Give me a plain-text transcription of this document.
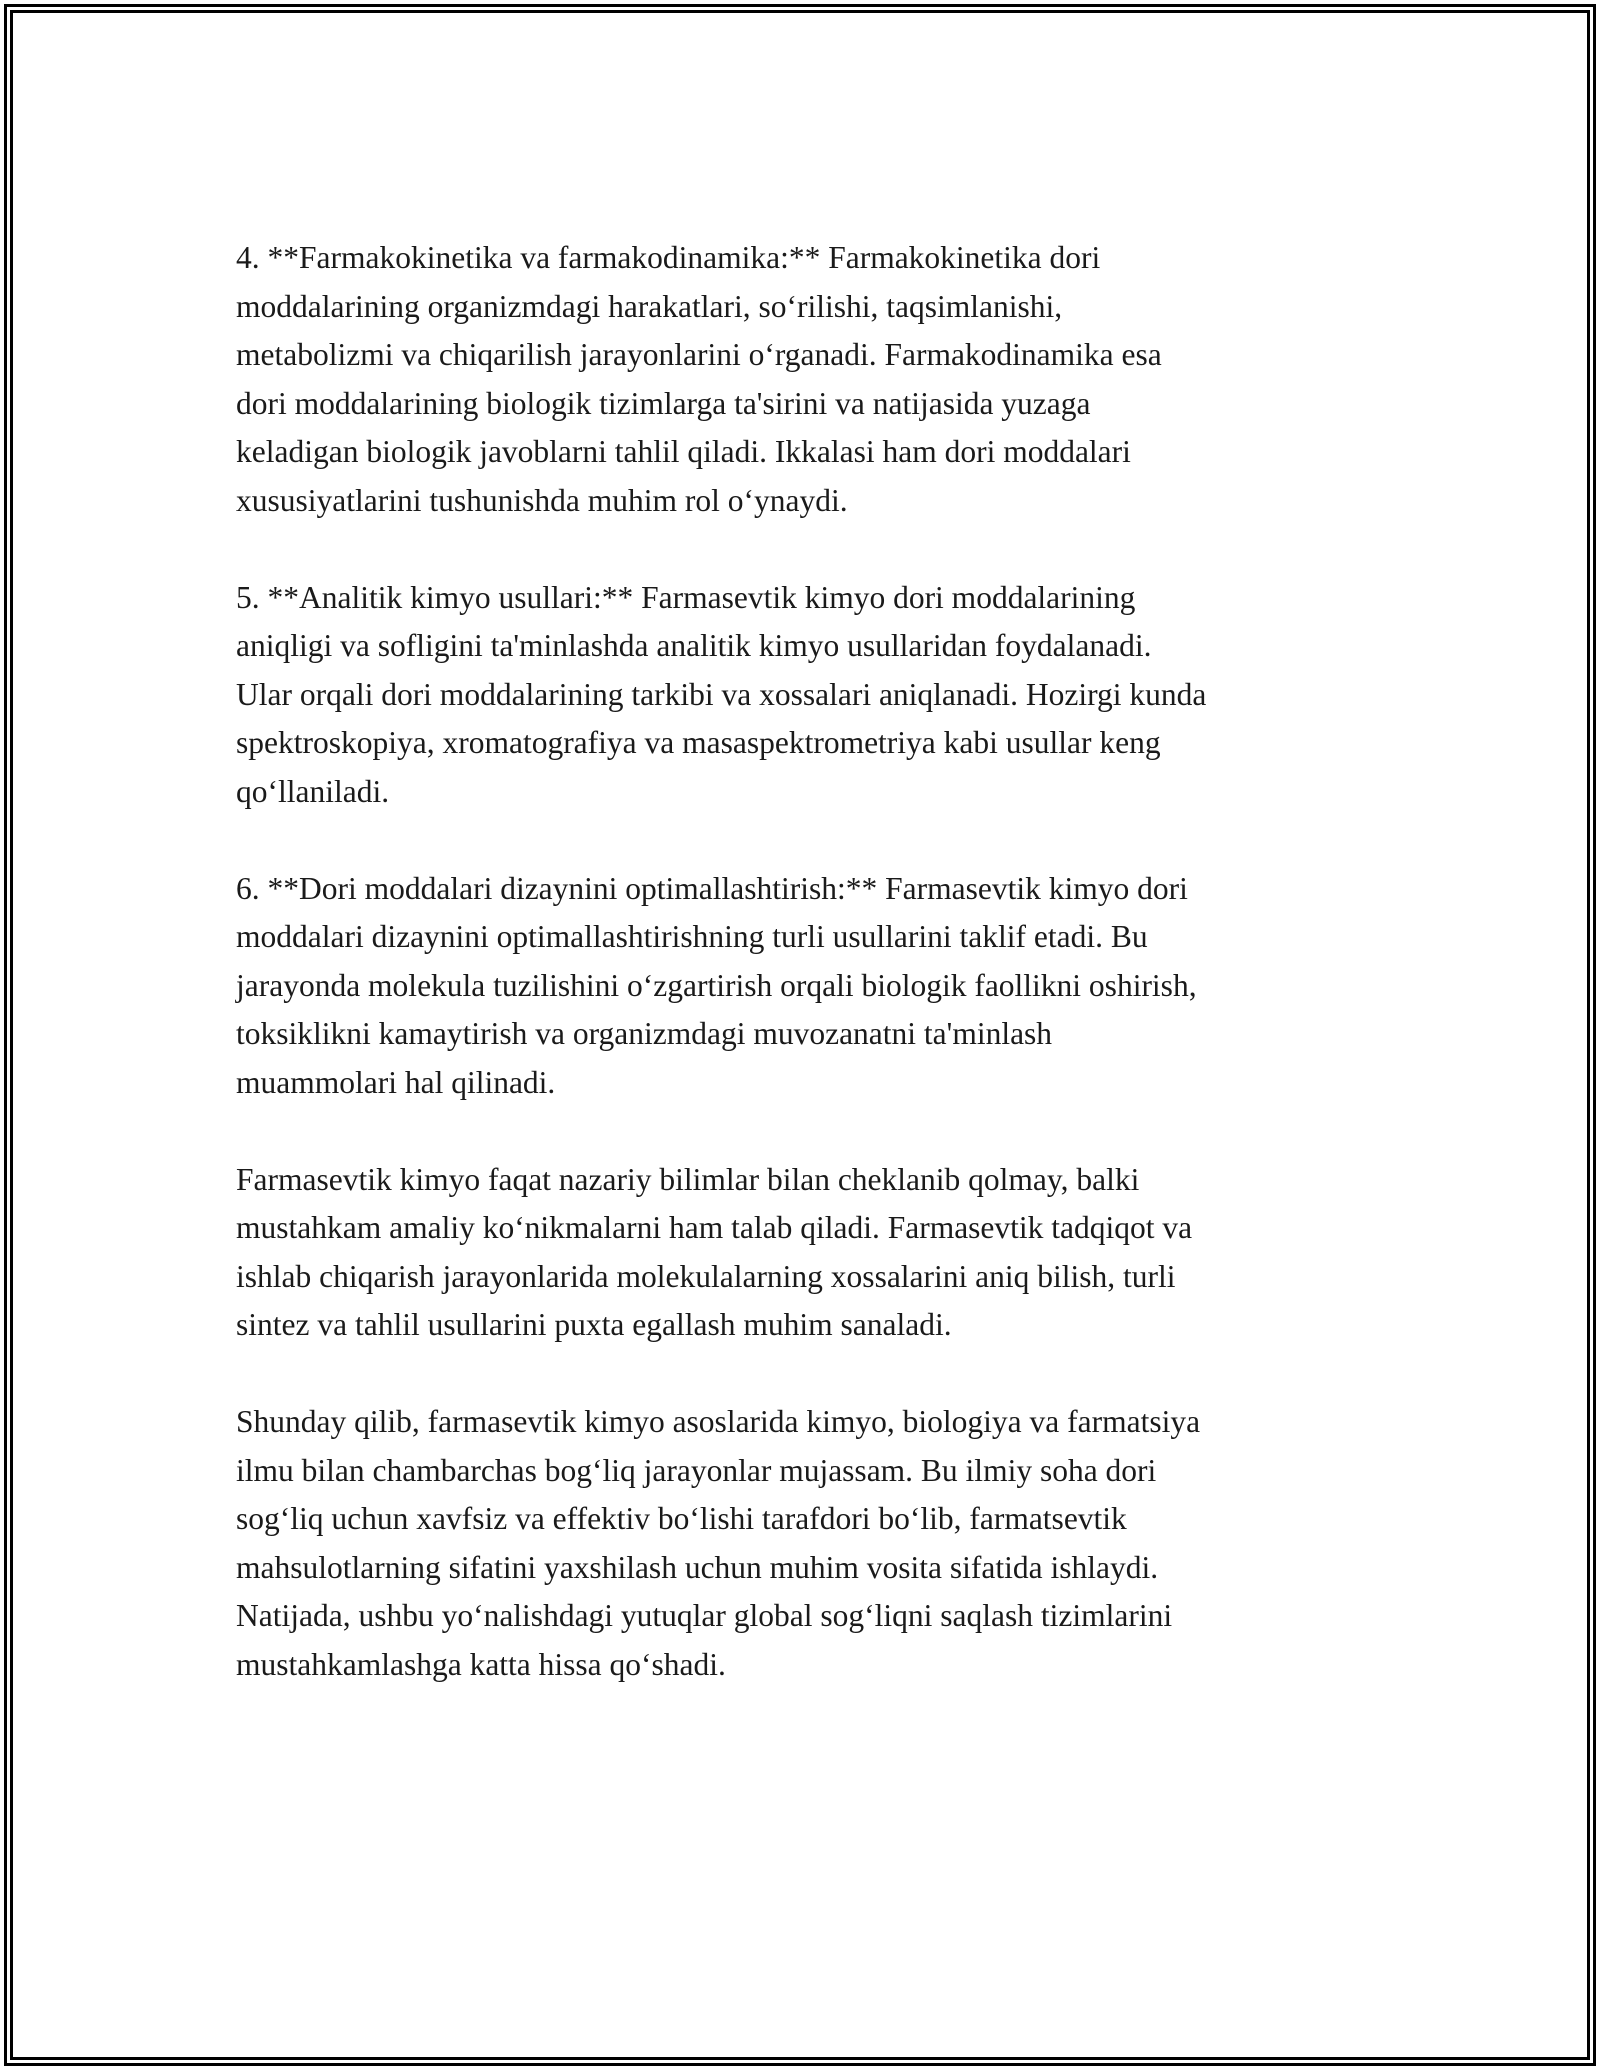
4. **Farmakokinetika va farmakodinamika:** Farmakokinetika dori
moddalarining organizmdagi harakatlari, so‘rilishi, taqsimlanishi,
metabolizmi va chiqarilish jarayonlarini o‘rganadi. Farmakodinamika esa
dori moddalarining biologik tizimlarga ta'sirini va natijasida yuzaga
keladigan biologik javoblarni tahlil qiladi. Ikkalasi ham dori moddalari
xususiyatlarini tushunishda muhim rol o‘ynaydi.

5. **Analitik kimyo usullari:** Farmasevtik kimyo dori moddalarining
aniqligi va sofligini ta'minlashda analitik kimyo usullaridan foydalanadi.
Ular orqali dori moddalarining tarkibi va xossalari aniqlanadi. Hozirgi kunda
spektroskopiya, xromatografiya va masaspektrometriya kabi usullar keng
qo‘llaniladi.

6. **Dori moddalari dizaynini optimallashtirish:** Farmasevtik kimyo dori
moddalari dizaynini optimallashtirishning turli usullarini taklif etadi. Bu
jarayonda molekula tuzilishini o‘zgartirish orqali biologik faollikni oshirish,
toksiklikni kamaytirish va organizmdagi muvozanatni ta'minlash
muammolari hal qilinadi.

Farmasevtik kimyo faqat nazariy bilimlar bilan cheklanib qolmay, balki
mustahkam amaliy ko‘nikmalarni ham talab qiladi. Farmasevtik tadqiqot va
ishlab chiqarish jarayonlarida molekulalarning xossalarini aniq bilish, turli
sintez va tahlil usullarini puxta egallash muhim sanaladi.

Shunday qilib, farmasevtik kimyo asoslarida kimyo, biologiya va farmatsiya
ilmu bilan chambarchas bog‘liq jarayonlar mujassam. Bu ilmiy soha dori
sog‘liq uchun xavfsiz va effektiv bo‘lishi tarafdori bo‘lib, farmatsevtik
mahsulotlarning sifatini yaxshilash uchun muhim vosita sifatida ishlaydi.
Natijada, ushbu yo‘nalishdagi yutuqlar global sog‘liqni saqlash tizimlarini
mustahkamlashga katta hissa qo‘shadi.
